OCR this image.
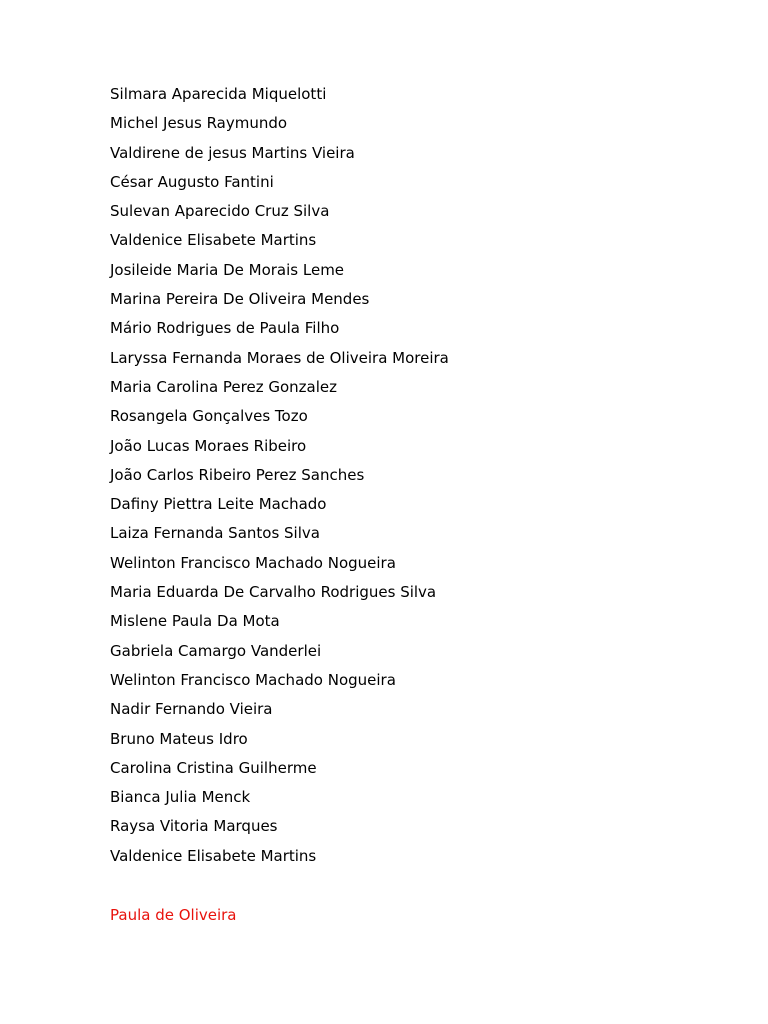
Silmara Aparecida Miquelotti
Michel Jesus Raymundo
Valdirene de jesus Martins Vieira
César Augusto Fantini
Sulevan Aparecido Cruz Silva
Valdenice Elisabete Martins
Josileide Maria De Morais Leme
Marina Pereira De Oliveira Mendes
Mário Rodrigues de Paula Filho
Laryssa Fernanda Moraes de Oliveira Moreira
Maria Carolina Perez Gonzalez
Rosangela Gonçalves Tozo
João Lucas Moraes Ribeiro
João Carlos Ribeiro Perez Sanches
Dafiny Piettra Leite Machado
Laiza Fernanda Santos Silva
Welinton Francisco Machado Nogueira
Maria Eduarda De Carvalho Rodrigues Silva
Mislene Paula Da Mota
Gabriela Camargo Vanderlei
Welinton Francisco Machado Nogueira
Nadir Fernando Vieira
Bruno Mateus Idro
Carolina Cristina Guilherme
Bianca Julia Menck
Raysa Vitoria Marques
Valdenice Elisabete Martins
Paula de Oliveira
